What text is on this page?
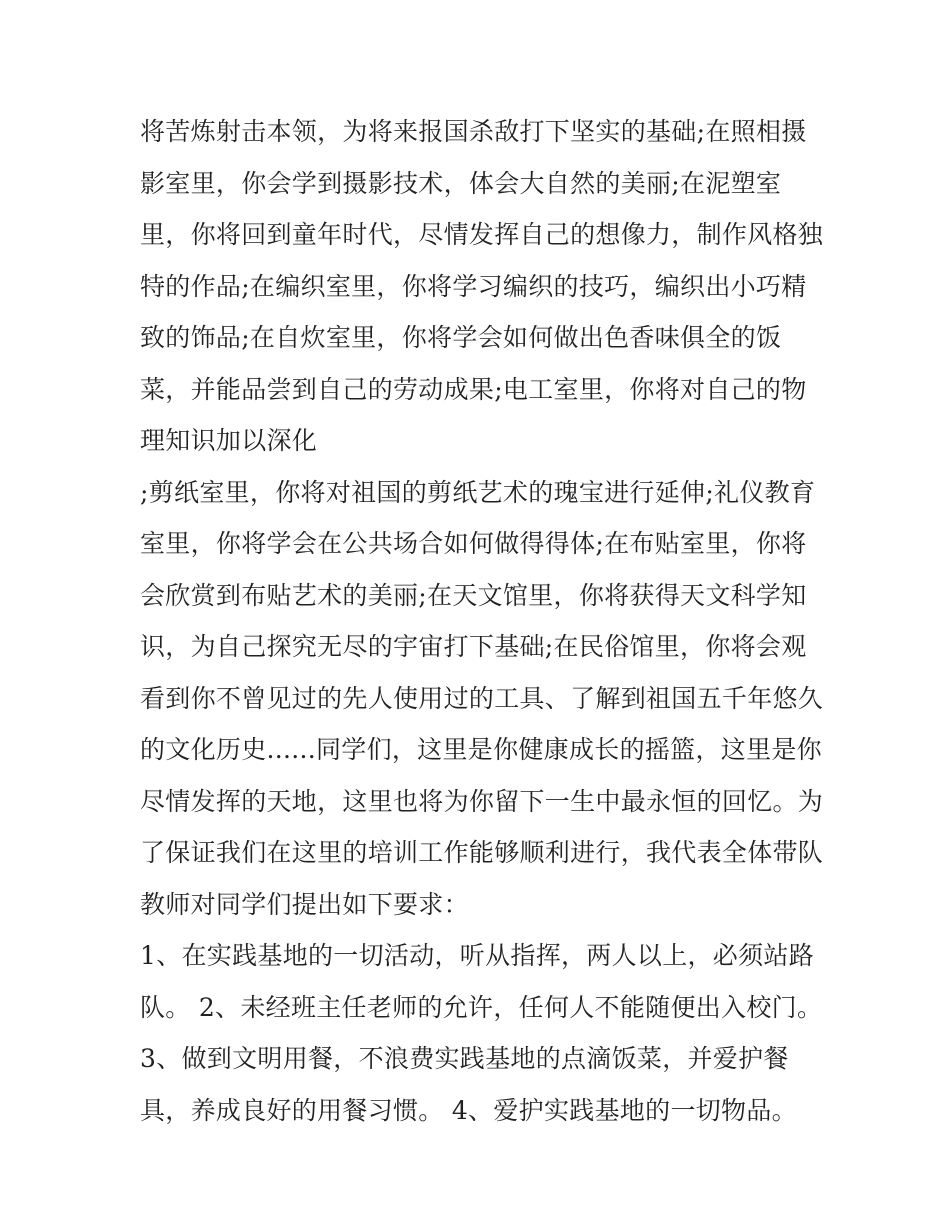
将苦炼射击本领，为将来报国杀敌打下坚实的基础;在照相摄
影室里，你会学到摄影技术，体会大自然的美丽;在泥塑室
里，你将回到童年时代，尽情发挥自己的想像力，制作风格独
特的作品;在编织室里，你将学习编织的技巧，编织出小巧精
致的饰品;在自炊室里，你将学会如何做出色香味俱全的饭
菜，并能品尝到自己的劳动成果;电工室里，你将对自己的物
理知识加以深化
;剪纸室里，你将对祖国的剪纸艺术的瑰宝进行延伸;礼仪教育
室里，你将学会在公共场合如何做得得体;在布贴室里，你将
会欣赏到布贴艺术的美丽;在天文馆里，你将获得天文科学知
识，为自己探究无尽的宇宙打下基础;在民俗馆里，你将会观
看到你不曾见过的先人使用过的工具、了解到祖国五千年悠久
的文化历史......同学们，这里是你健康成长的摇篮，这里是你
尽情发挥的天地，这里也将为你留下一生中最永恒的回忆。为
了保证我们在这里的培训工作能够顺利进行，我代表全体带队
教师对同学们提出如下要求：
1、在实践基地的一切活动，听从指挥，两人以上，必须站路
队。 2、未经班主任老师的允许，任何人不能随便出入校门。
3、做到文明用餐，不浪费实践基地的点滴饭菜，并爱护餐
具，养成良好的用餐习惯。 4、爱护实践基地的一切物品。
